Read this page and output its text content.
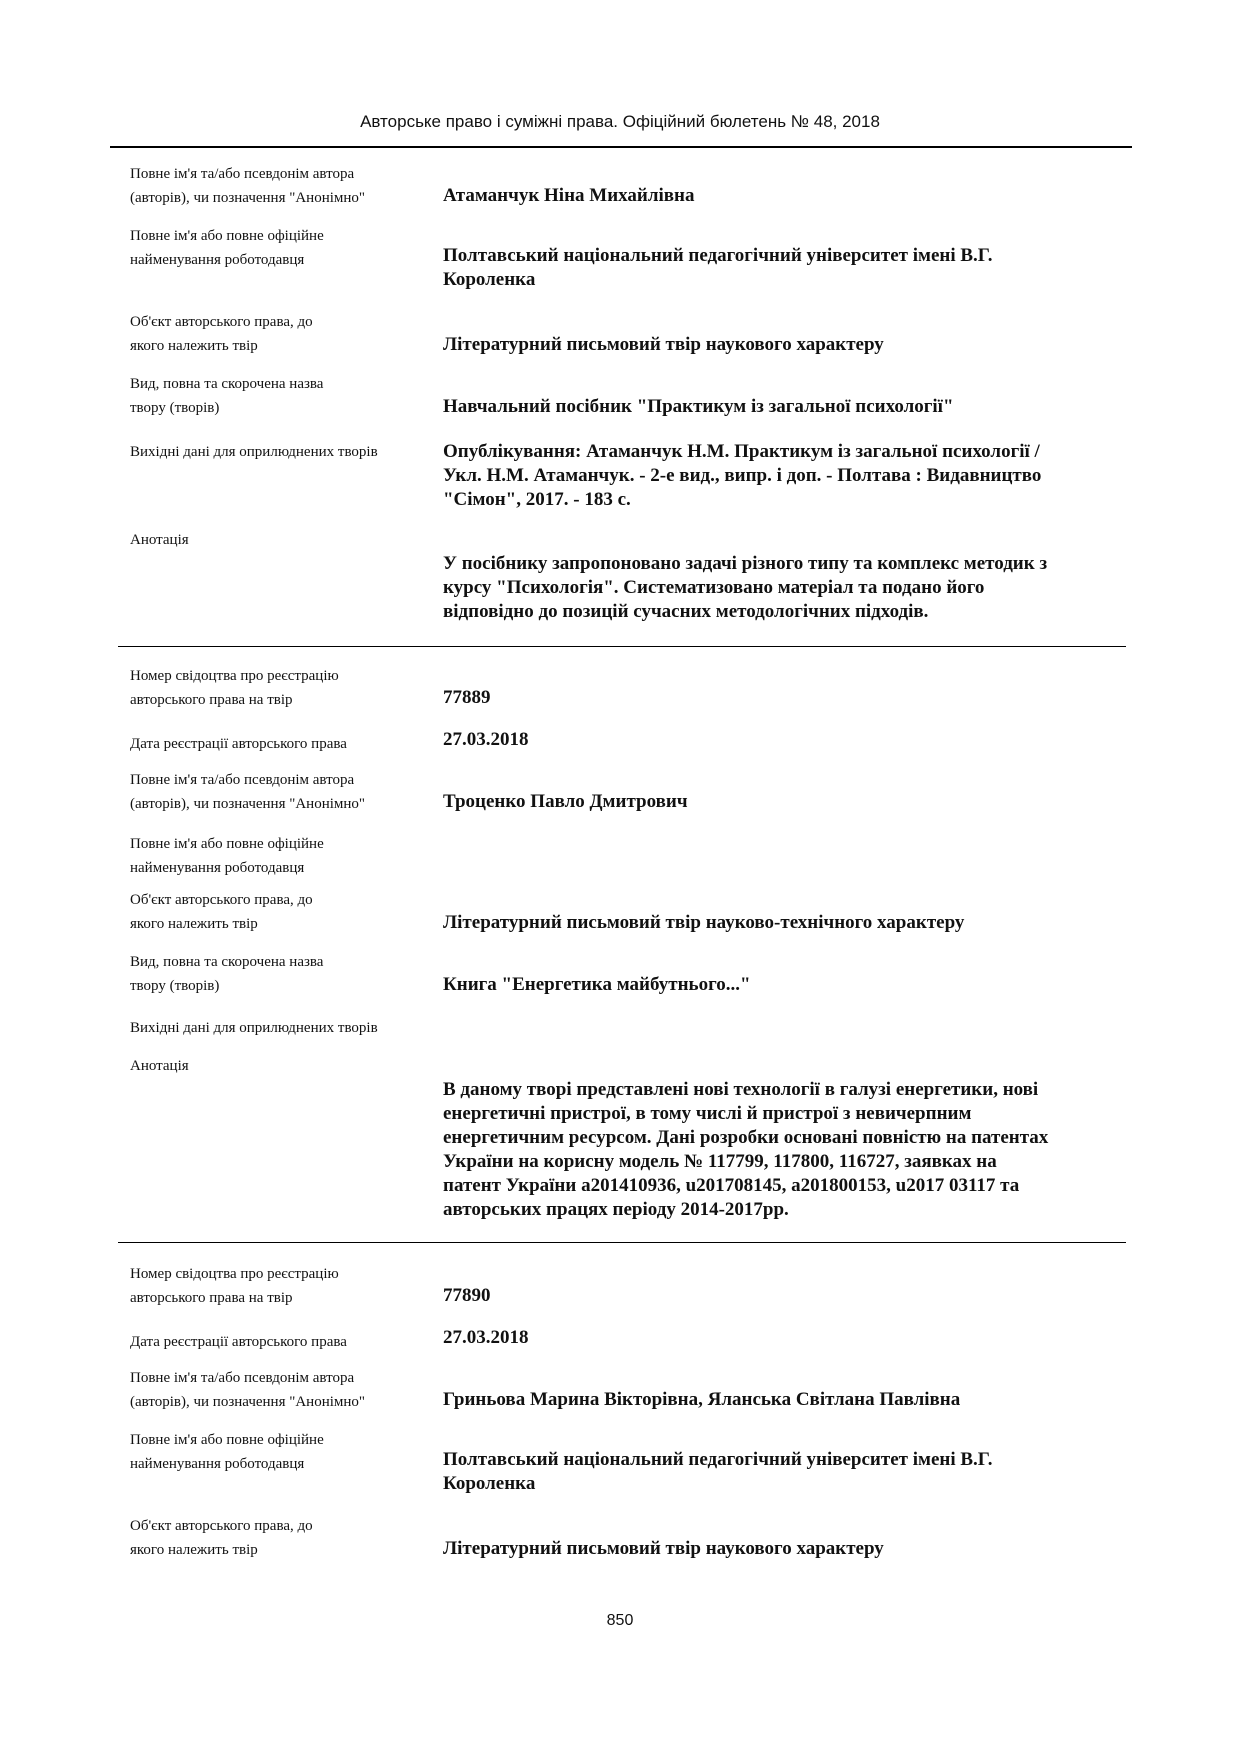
Авторське право і суміжні права. Офіційний бюлетень № 48, 2018
Повне ім'я та/або псевдонім автора
(авторів), чи позначення "Анонімно"	Атаманчук Ніна Михайлівна
Повне ім'я або повне офіційне
найменування роботодавця	Полтавський національний педагогічний університет імені В.Г.
Короленка
Об'єкт авторського права, до
якого належить твір	Літературний письмовий твір наукового характеру
Вид, повна та скорочена назва
твору (творів)	Навчальний посібник "Практикум із загальної психології"
Вихідні дані для оприлюднених творів	Опублікування: Атаманчук Н.М. Практикум із загальної психології /
Укл. Н.М. Атаманчук. - 2-е вид., випр. і доп. - Полтава : Видавництво
"Сімон", 2017. - 183 с.
Анотація
У посібнику запропоновано задачі різного типу та комплекс методик з
курсу "Психологія". Систематизовано матеріал та подано його
відповідно до позицій сучасних методологічних підходів.
Номер свідоцтва про реєстрацію
авторського права на твір	77889
Дата реєстрації авторського права	27.03.2018
Повне ім'я та/або псевдонім автора
(авторів), чи позначення "Анонімно"	Троценко Павло Дмитрович
Повне ім'я або повне офіційне
найменування роботодавця
Об'єкт авторського права, до
якого належить твір	Літературний письмовий твір науково-технічного характеру
Вид, повна та скорочена назва
твору (творів)	Книга "Енергетика майбутнього..."
Вихідні дані для оприлюднених творів
Анотація
В даному творі представлені нові технології в галузі енергетики, нові
енергетичні пристрої, в тому числі й пристрої з невичерпним
енергетичним ресурсом. Дані розробки основані повністю на патентах
України на корисну модель № 117799, 117800, 116727, заявках на
патент України а201410936, u201708145, а201800153, u2017 03117 та
авторських працях періоду 2014-2017рр.
Номер свідоцтва про реєстрацію
авторського права на твір	77890
Дата реєстрації авторського права	27.03.2018
Повне ім'я та/або псевдонім автора
(авторів), чи позначення "Анонімно"	Гриньова Марина Вікторівна, Яланська Світлана Павлівна
Повне ім'я або повне офіційне
найменування роботодавця	Полтавський національний педагогічний університет імені В.Г.
Короленка
Об'єкт авторського права, до
якого належить твір	Літературний письмовий твір наукового характеру
850
